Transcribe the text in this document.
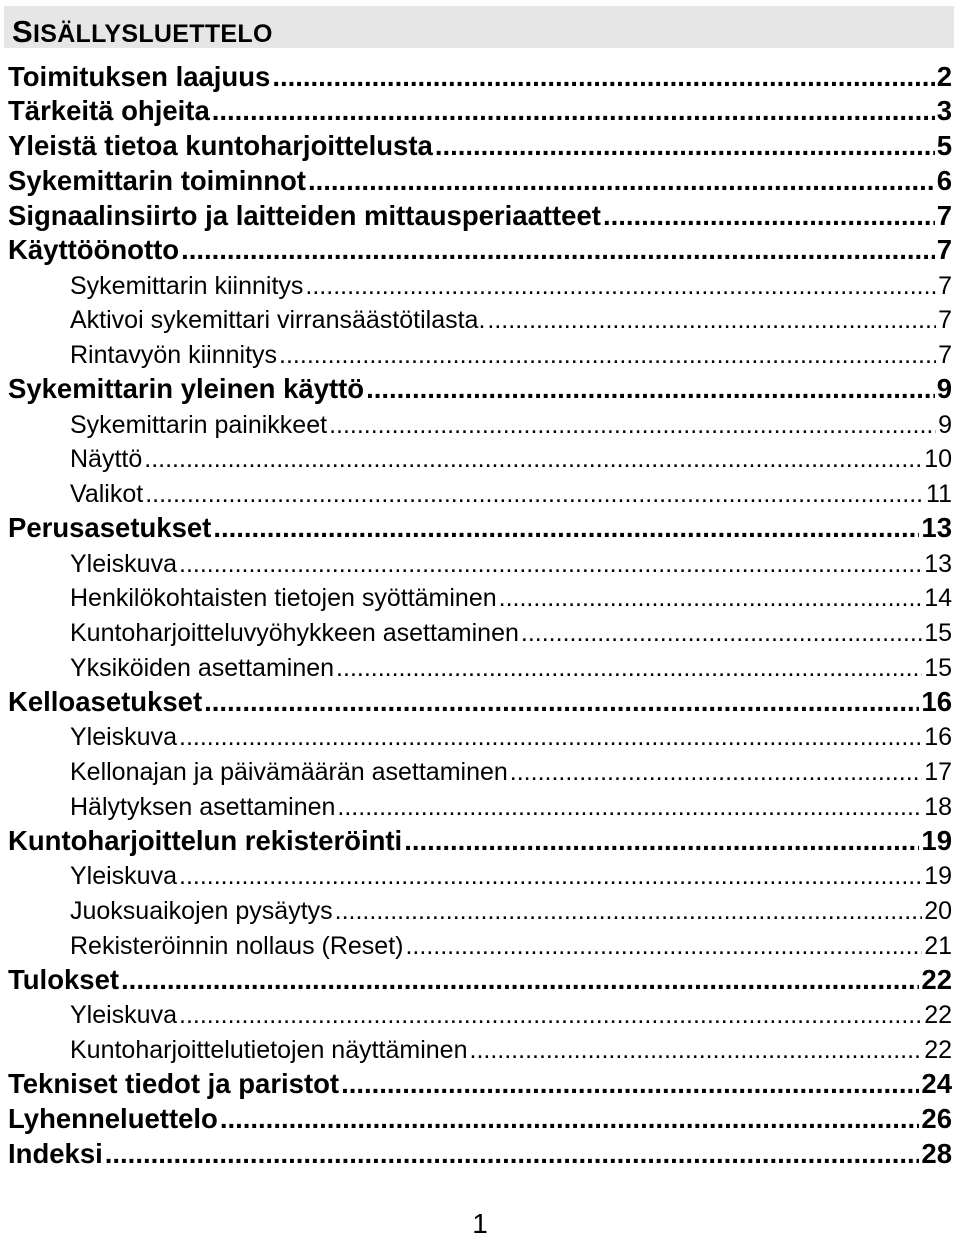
SISÄLLYSLUETTELO
Toimituksen laajuus .....	2
Tärkeitä ohjeita .....	3
Yleistä tietoa kuntoharjoittelusta .....	5
Sykemittarin toiminnot .....	6
Signaalinsiirto ja laitteiden mittausperiaatteet .....	7
Käyttöönotto .....	7
Sykemittarin kiinnitys .....	7
Aktivoi sykemittari virransäästötilasta. .....	7
Rintavyön kiinnitys .....	7
Sykemittarin yleinen käyttö .....	9
Sykemittarin painikkeet .....	9
Näyttö .....	10
Valikot .....	11
Perusasetukset .....	13
Yleiskuva .....	13
Henkilökohtaisten tietojen syöttäminen .....	14
Kuntoharjoitteluvyöhykkeen asettaminen .....	15
Yksiköiden asettaminen .....	15
Kelloasetukset .....	16
Yleiskuva .....	16
Kellonajan ja päivämäärän asettaminen .....	17
Hälytyksen asettaminen .....	18
Kuntoharjoittelun rekisteröinti .....	19
Yleiskuva .....	19
Juoksuaikojen pysäytys .....	20
Rekisteröinnin nollaus (Reset) .....	21
Tulokset .....	22
Yleiskuva .....	22
Kuntoharjoittelutietojen näyttäminen .....	22
Tekniset tiedot ja paristot .....	24
Lyhenneluettelo .....	26
Indeksi .....	28
1
